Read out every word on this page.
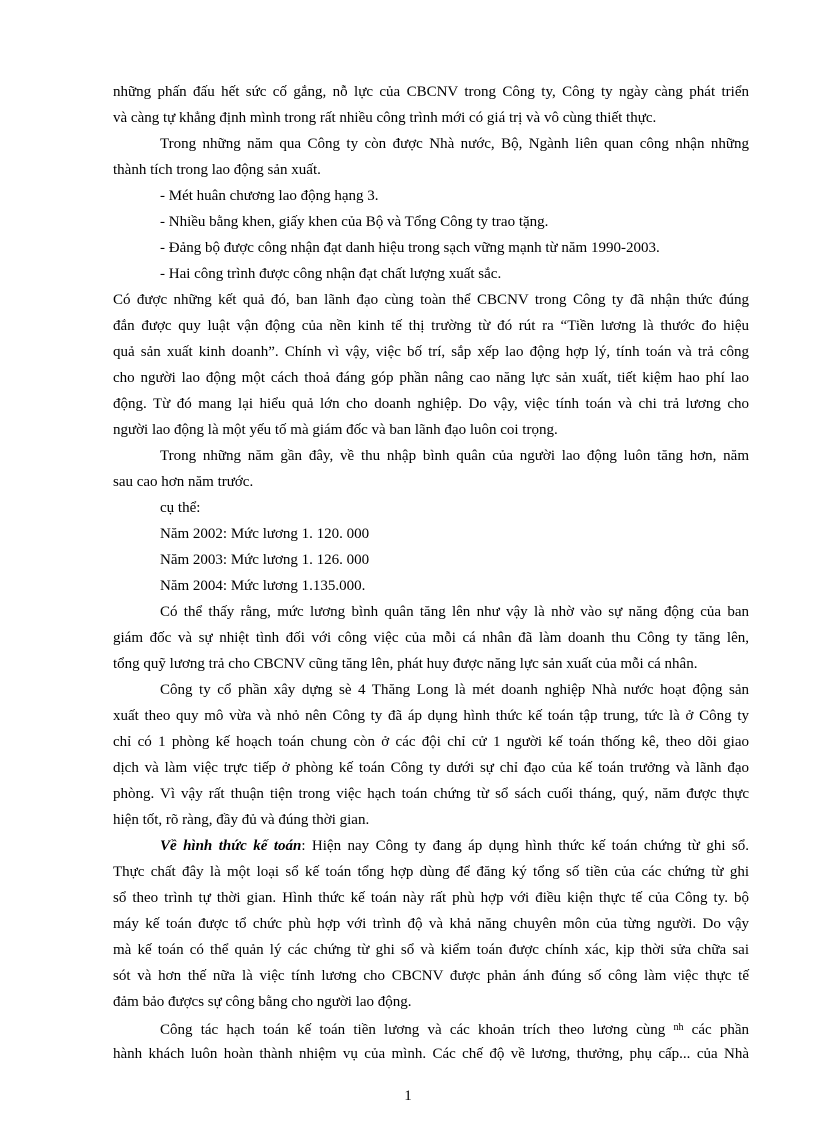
những phấn đấu hết sức cố gắng, nỗ lực của CBCNV trong Công ty, Công ty ngày càng phát triển
và càng tự khẳng định mình trong rất nhiều công trình mới có giá trị và vô cùng thiết thực.
Trong những năm qua Công ty còn được Nhà nước, Bộ, Ngành liên quan công nhận những
thành tích trong lao động sản xuất.
- Mét huân chương lao động hạng 3.
- Nhiều bằng khen, giấy khen của Bộ và Tổng Công ty trao tặng.
- Đảng bộ được công nhận đạt danh hiệu trong sạch vững mạnh từ năm 1990-2003.
- Hai công trình được công nhận đạt chất lượng xuất sắc.
Có được những kết quả đó, ban lãnh đạo cùng toàn thể CBCNV trong Công ty đã nhận thức đúng
đắn được quy luật vận động của nền kinh tế thị trường từ đó rút ra “Tiền lương là thước đo hiệu
quả sản xuất kinh doanh”. Chính vì vậy, việc bố trí, sắp xếp lao động hợp lý, tính toán và trả công
cho người lao động một cách thoả đáng góp phần nâng cao năng lực sản xuất, tiết kiệm hao phí lao
động. Từ đó mang lại hiểu quả lớn cho doanh nghiệp. Do vậy, việc tính toán và chi trả lương cho
người lao động là một yếu tố mà giám đốc và ban lãnh đạo luôn coi trọng.
Trong những năm gần đây, về thu nhập bình quân của người lao động luôn tăng hơn, năm
sau cao hơn năm trước.
cụ thể:
Năm 2002: Mức lương 1. 120. 000
Năm 2003: Mức lương 1. 126. 000
Năm 2004: Mức lương 1.135.000.
Có thể thấy rằng, mức lương bình quân tăng lên như vậy là nhờ vào sự năng động của ban
giám đốc và sự nhiệt tình đối với công việc của mỗi cá nhân đã làm doanh thu Công ty tăng lên,
tổng quỹ lương trả cho CBCNV cũng tăng lên, phát huy được năng lực sản xuất của mỗi cá nhân.
Công ty cổ phần xây dựng sè 4 Thăng Long là mét doanh nghiệp Nhà nước hoạt động sản
xuất theo quy mô vừa và nhỏ nên Công ty đã áp dụng hình thức kế toán tập trung, tức là ở Công ty
chỉ có 1 phòng kế hoạch toán chung còn ở các đội chỉ cử 1 người kế toán thống kê, theo dõi giao
dịch và làm việc trực tiếp ở phòng kế toán Công ty dưới sự chỉ đạo của kế toán trưởng và lãnh đạo
phòng. Vì vậy rất thuận tiện trong việc hạch toán chứng từ sổ sách cuối tháng, quý, năm được thực
hiện tốt, rõ ràng, đầy đủ và đúng thời gian.
Về hình thức kế toán: Hiện nay Công ty đang áp dụng hình thức kế toán chứng từ ghi sổ.
Thực chất đây là một loại sổ kế toán tổng hợp dùng để đăng ký tổng số tiền của các chứng từ ghi
sổ theo trình tự thời gian. Hình thức kế toán này rất phù hợp với điều kiện thực tế của Công ty. bộ
máy kế toán được tổ chức phù hợp với trình độ và khả năng chuyên môn của từng người. Do vậy
mà kế toán có thể quản lý các chứng từ ghi sổ và kiểm toán được chính xác, kịp thời sửa chữa sai
sót và hơn thế nữa là việc tính lương cho CBCNV được phản ánh đúng số công làm việc thực tế
đảm bảo đượcs sự công bằng cho người lao động.
Công tác hạch toán kế toán tiền lương và các khoản trích theo lương cùng $^{nh}$ các phần
hành khách luôn hoàn thành nhiệm vụ của mình. Các chế độ về lương, thưởng, phụ cấp... của Nhà
1
